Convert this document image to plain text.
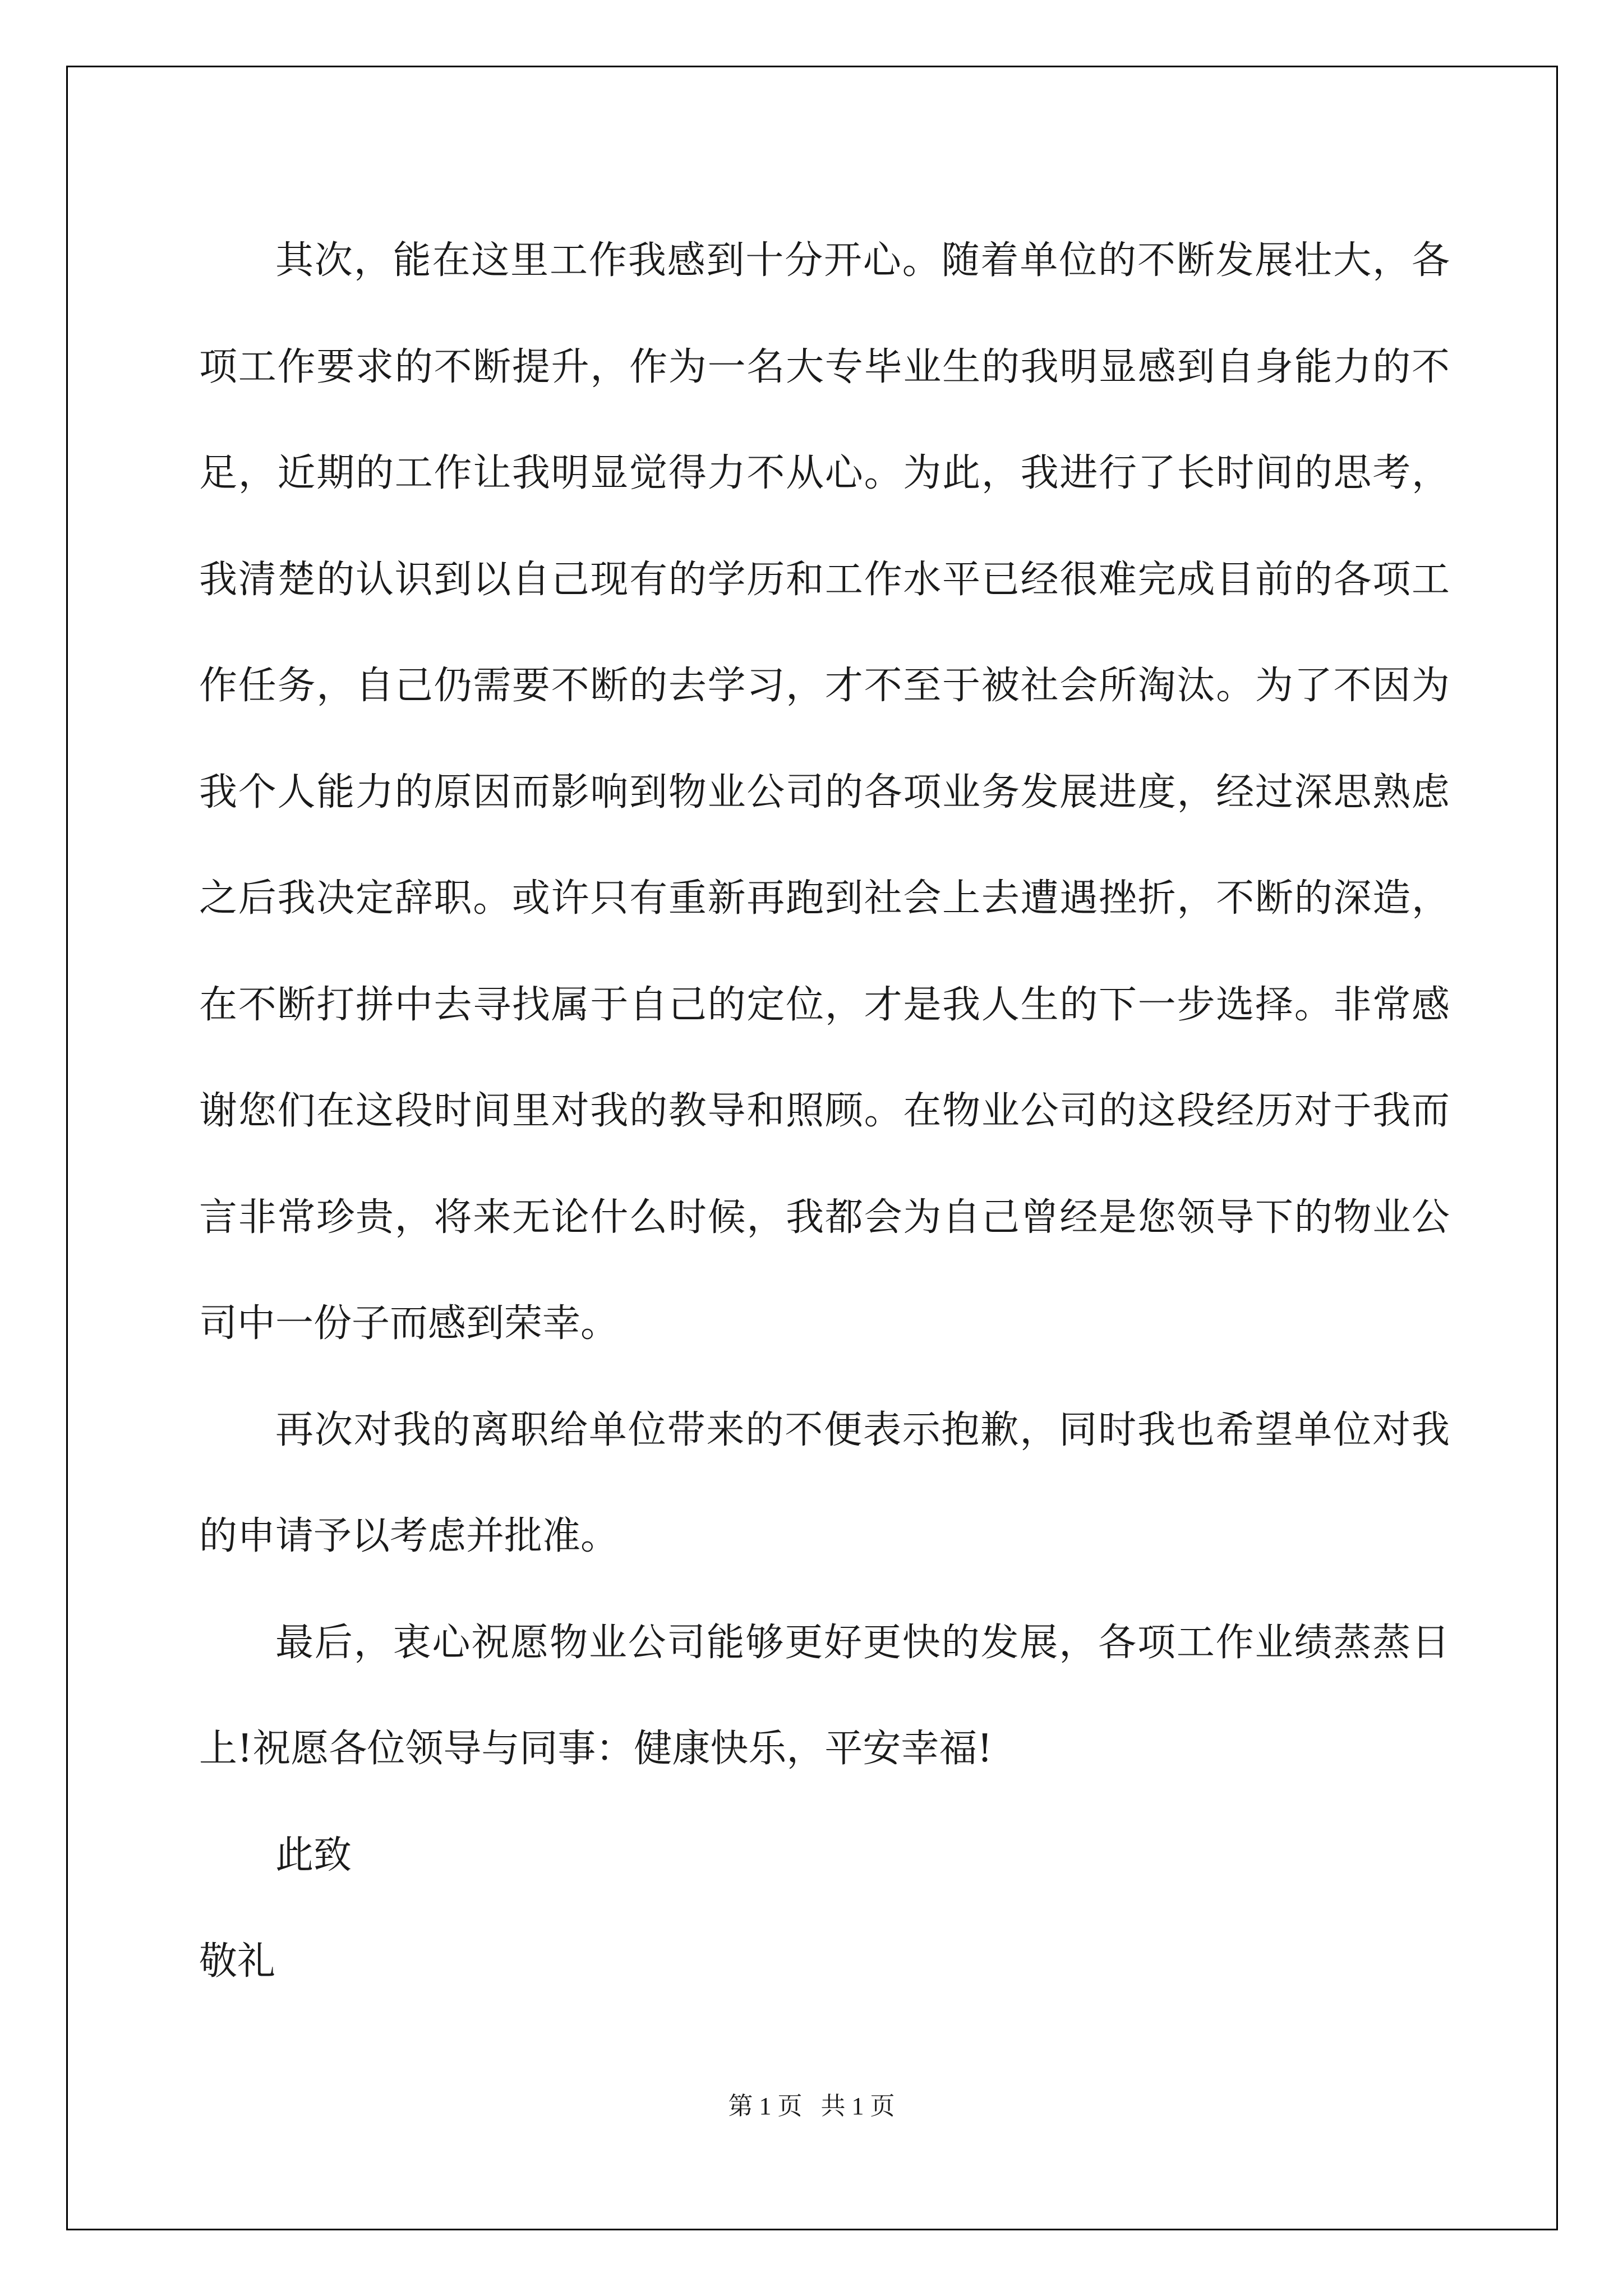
其次，能在这里工作我感到十分开心。随着单位的不断发展壮大，各项工作要求的不断提升，作为一名大专毕业生的我明显感到自身能力的不足，近期的工作让我明显觉得力不从心。为此，我进行了长时间的思考，我清楚的认识到以自己现有的学历和工作水平已经很难完成目前的各项工作任务，自己仍需要不断的去学习，才不至于被社会所淘汰。为了不因为我个人能力的原因而影响到物业公司的各项业务发展进度，经过深思熟虑之后我决定辞职。或许只有重新再跑到社会上去遭遇挫折，不断的深造，在不断打拼中去寻找属于自己的定位，才是我人生的下一步选择。非常感谢您们在这段时间里对我的教导和照顾。在物业公司的这段经历对于我而言非常珍贵，将来无论什么时候，我都会为自己曾经是您领导下的物业公司中一份子而感到荣幸。

再次对我的离职给单位带来的不便表示抱歉，同时我也希望单位对我的申请予以考虑并批准。

最后，衷心祝愿物业公司能够更好更快的发展，各项工作业绩蒸蒸日上!祝愿各位领导与同事：健康快乐，平安幸福!

此致

敬礼

第 1 页   共 1 页
